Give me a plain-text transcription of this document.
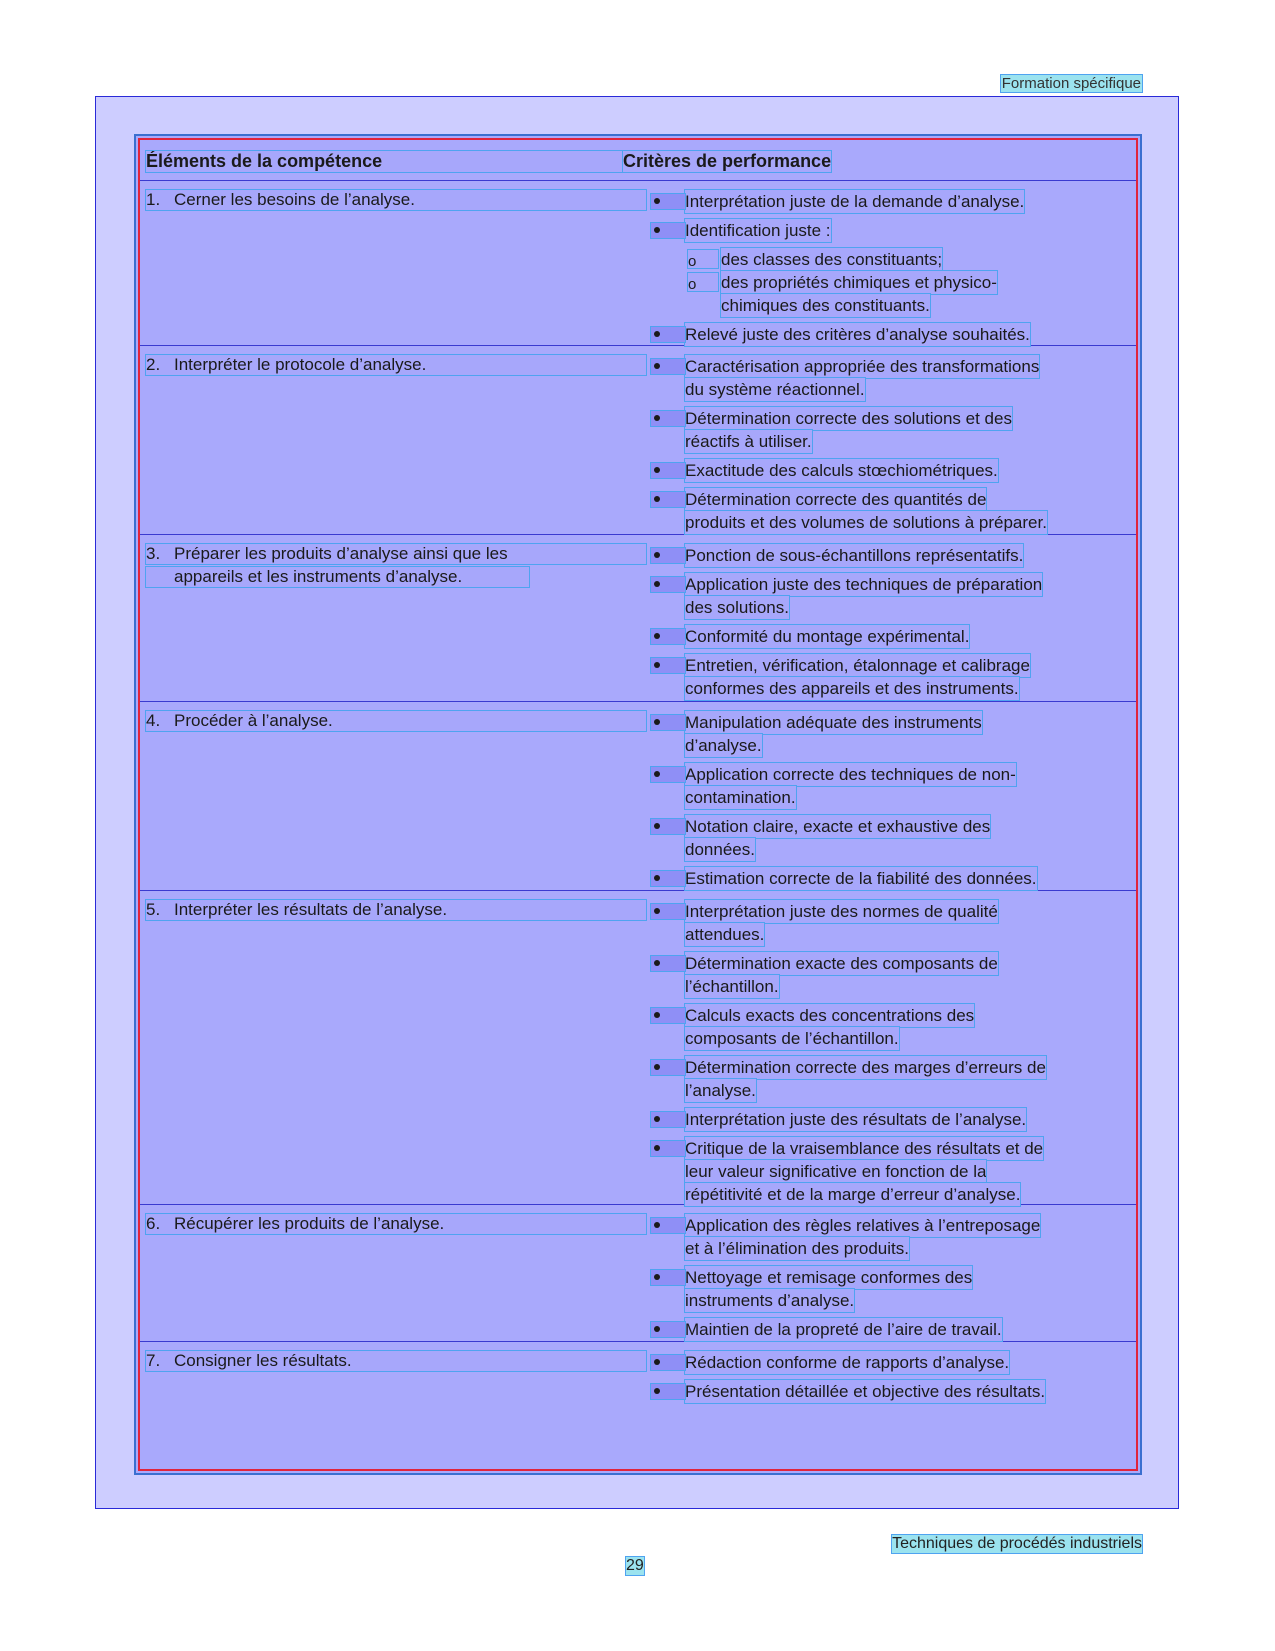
Formation spécifique
Éléments de la compétence	Critères de performance
1. Cerner les besoins de l’analyse.	Interprétation juste de la demande d’analyse.

Identification juste :

o	des classes des constituants;

o	des propriétés chimiques et physico-
chimiques des constituants.

Relevé juste des critères d’analyse souhaités.

2. Interpréter le protocole d’analyse.	Caractérisation appropriée des transformations
du système réactionnel.

Détermination correcte des solutions et des
réactifs à utiliser.

Exactitude des calculs stœchiométriques.

Détermination correcte des quantités de
produits et des volumes de solutions à préparer.

3. Préparer les produits d’analyse ainsi que les
appareils et les instruments d’analyse.
Ponction de sous-échantillons représentatifs.

Application juste des techniques de préparation
des solutions.

Conformité du montage expérimental.

Entretien, vérification, étalonnage et calibrage
conformes des appareils et des instruments.

4. Procéder à l’analyse.	Manipulation adéquate des instruments
d’analyse.

Application correcte des techniques de non-
contamination.

Notation claire, exacte et exhaustive des
données.

Estimation correcte de la fiabilité des données.

5. Interpréter les résultats de l’analyse.	Interprétation juste des normes de qualité
attendues.

Détermination exacte des composants de
l’échantillon.

Calculs exacts des concentrations des
composants de l’échantillon.

Détermination correcte des marges d’erreurs de
l’analyse.

Interprétation juste des résultats de l’analyse.

Critique de la vraisemblance des résultats et de
leur valeur significative en fonction de la
répétitivité et de la marge d’erreur d’analyse.

6. Récupérer les produits de l’analyse.	Application des règles relatives à l’entreposage
et à l’élimination des produits.

Nettoyage et remisage conformes des
instruments d’analyse.

Maintien de la propreté de l’aire de travail.

7. Consigner les résultats.	Rédaction conforme de rapports d’analyse.

Présentation détaillée et objective des résultats.

Techniques de procédés industriels
29
